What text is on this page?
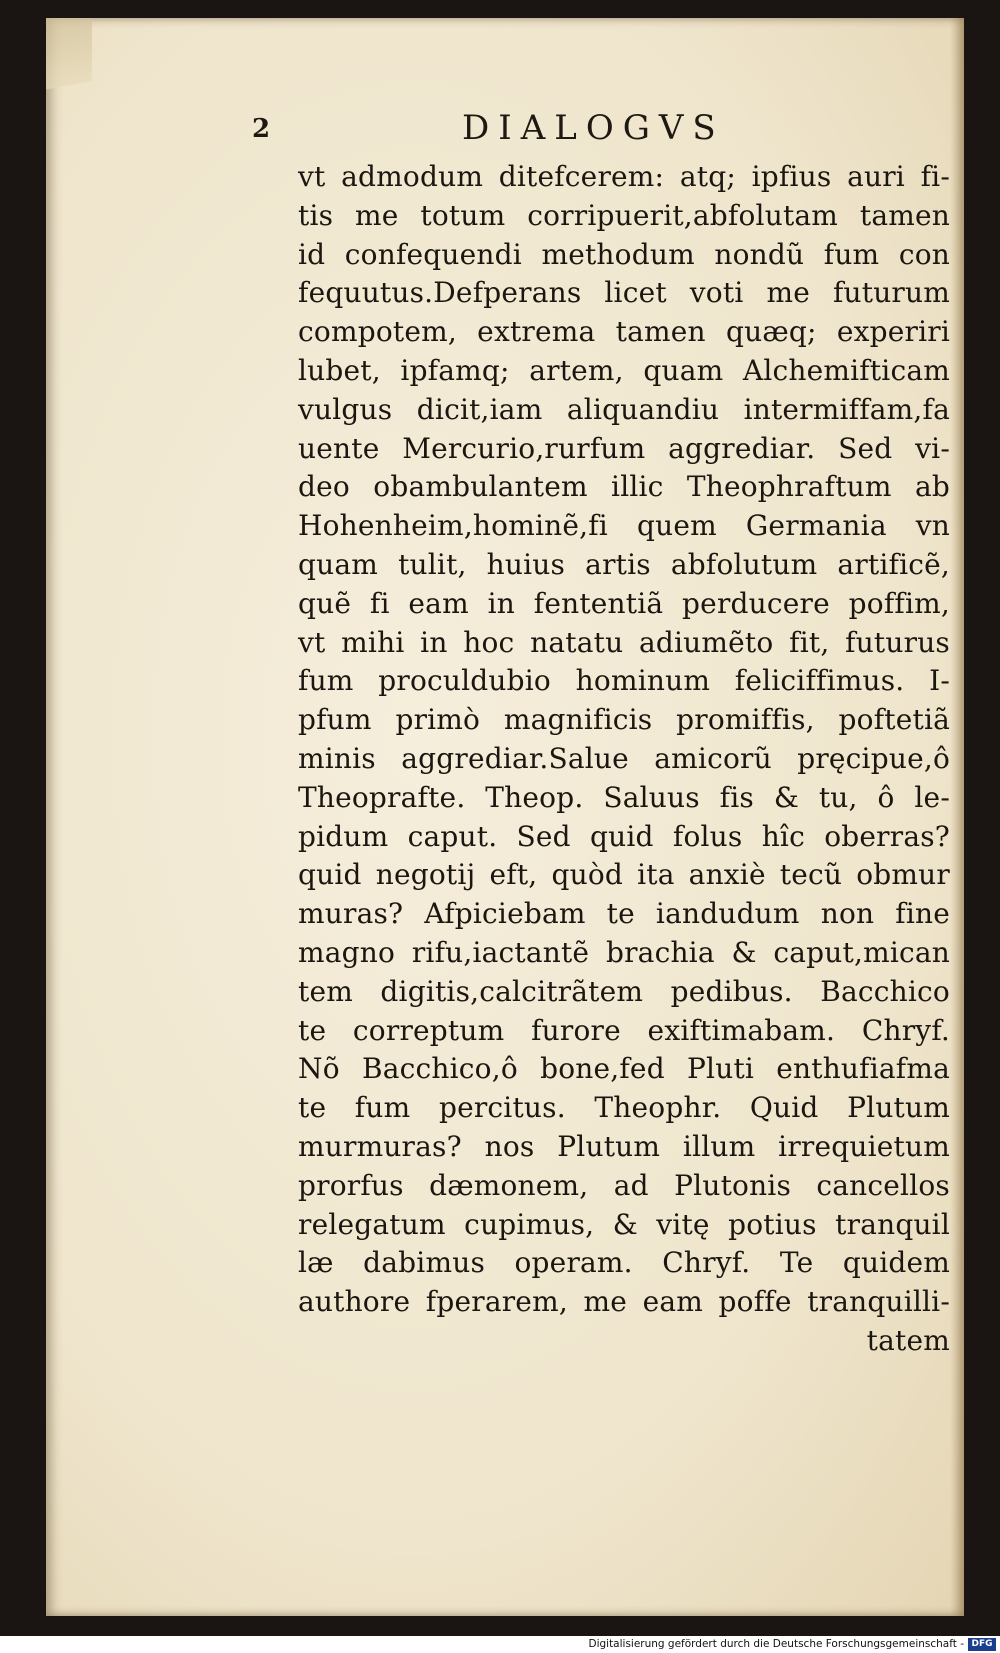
2	DIALOGVS
vt admodum ditefcerem: atq; ipfius auri fi-
tis me totum corripuerit,abfolutam tamen
id confequendi methodum nondũ fum con
fequutus.Defperans licet voti me futurum
compotem, extrema tamen quæq; experiri
lubet, ipfamq; artem, quam Alchemifticam
vulgus dicit,iam aliquandiu intermiffam,fa
uente Mercurio,rurfum aggrediar. Sed vi-
deo obambulantem illic Theophraftum ab
Hohenheim,hominẽ,fi quem Germania vn
quam tulit, huius artis abfolutum artificẽ,
quẽ fi eam in fententiã perducere poffim,
vt mihi in hoc natatu adiumẽto fit, futurus
fum proculdubio hominum feliciffimus. I-
pfum primò magnificis promiffis, poftetiã
minis aggrediar.Salue amicorũ pręcipue,ô
Theoprafte. Theop. Saluus fis & tu, ô le-
pidum caput. Sed quid folus hîc oberras?
quid negotij eft, quòd ita anxiè tecũ obmur
muras? Afpiciebam te iandudum non fine
magno rifu,iactantẽ brachia & caput,mican
tem digitis,calcitrãtem pedibus. Bacchico
te correptum furore exiftimabam. Chryf.
Nõ Bacchico,ô bone,fed Pluti enthufiafma
te fum percitus. Theophr. Quid Plutum
murmuras? nos Plutum illum irrequietum
prorfus dæmonem, ad Plutonis cancellos
relegatum cupimus, & vitę potius tranquil
læ dabimus operam. Chryf. Te quidem
authore fperarem, me eam poffe tranquilli-
tatem
Digitalisierung gefördert durch die Deutsche Forschungsgemeinschaft - DFG
